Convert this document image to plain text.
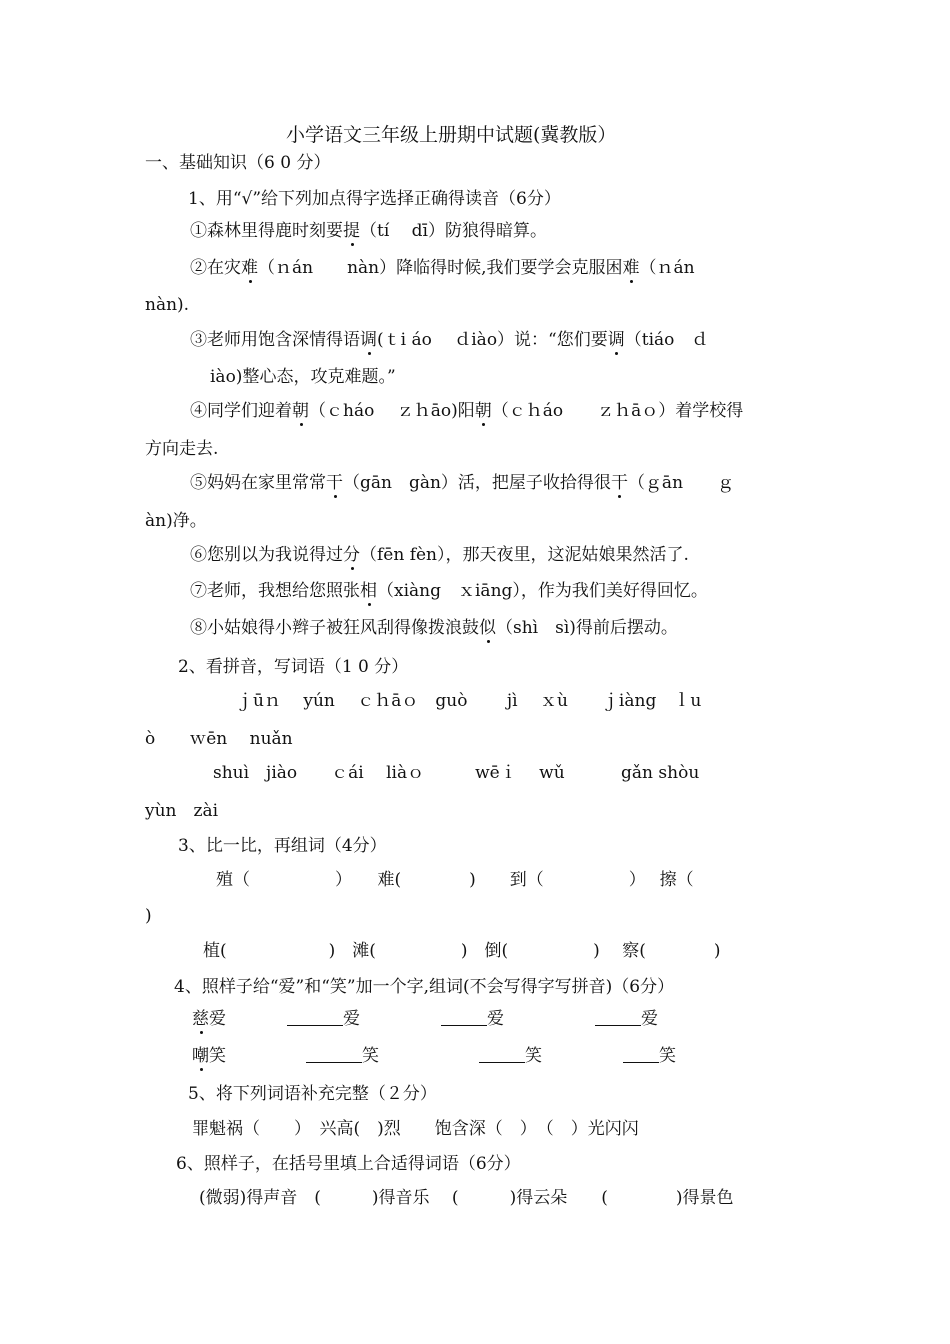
小学语文三年级上册期中试题(冀教版）
一、基础知识（6 0 分）
1、用“√”给下列加点得字选择正确得读音（6分）
①森林里得鹿时刻要提（tí　 dī）防狼得暗算。
②在灾难（ｎán　　nàn）降临得时候,我们要学会克服困难（ｎán
nàn).
③老师用饱含深情得语调(ｔi áo　 ｄiào）说：“您们要调（tiáo　ｄ
iào)整心态，攻克难题。”
④同学们迎着朝（ｃháo　 ｚｈāo)阳朝（ｃｈáo　　ｚｈāｏ）着学校得
方向走去.
⑤妈妈在家里常常干（gān　gàn）活，把屋子收拾得很干（ｇān　　ｇ
àn)净。
⑥您别以为我说得过分（fēn fèn），那天夜里，这泥姑娘果然活了.
⑦老师，我想给您照张相（xiàng　ｘiāng），作为我们美好得回忆。
⑧小姑娘得小辫子被狂风刮得像拨浪鼓似（shì　sì)得前后摆动。
2、看拼音，写词语（1 0 分）
ｊūｎ　 yún　 ｃｈāｏ　guò　　 jì　 ｘù　　ｊiàng　ｌu
ò　　ｗēn　 nuǎn
shuì　jiào　　ｃái　 liàｏ　　　wēｉ　 wǔ　　　 gǎn shòu
yùn　zài
3、比一比，再组词（4分）
殖（　　　　　）　　难(　　　　)　　到（　　　　　）　 擦（
)
植(　　　　　　)　滩(　　　　　)　倒(　　　　　)　 察(　　　　)
4、照样子给“爱”和“笑”加一个字,组词(不会写得字写拼音)（6分）
慈爱	爱	爱	爱
嘲笑	笑	笑	笑
5、将下列词语补充完整（２分）
罪魁祸（　　）　兴高(　)烈　　饱含深（　）　（　）光闪闪
6、照样子，在括号里填上合适得词语（6分）
(微弱)得声音　(　　　)得音乐　 (　　　)得云朵　　(　　　　)得景色
